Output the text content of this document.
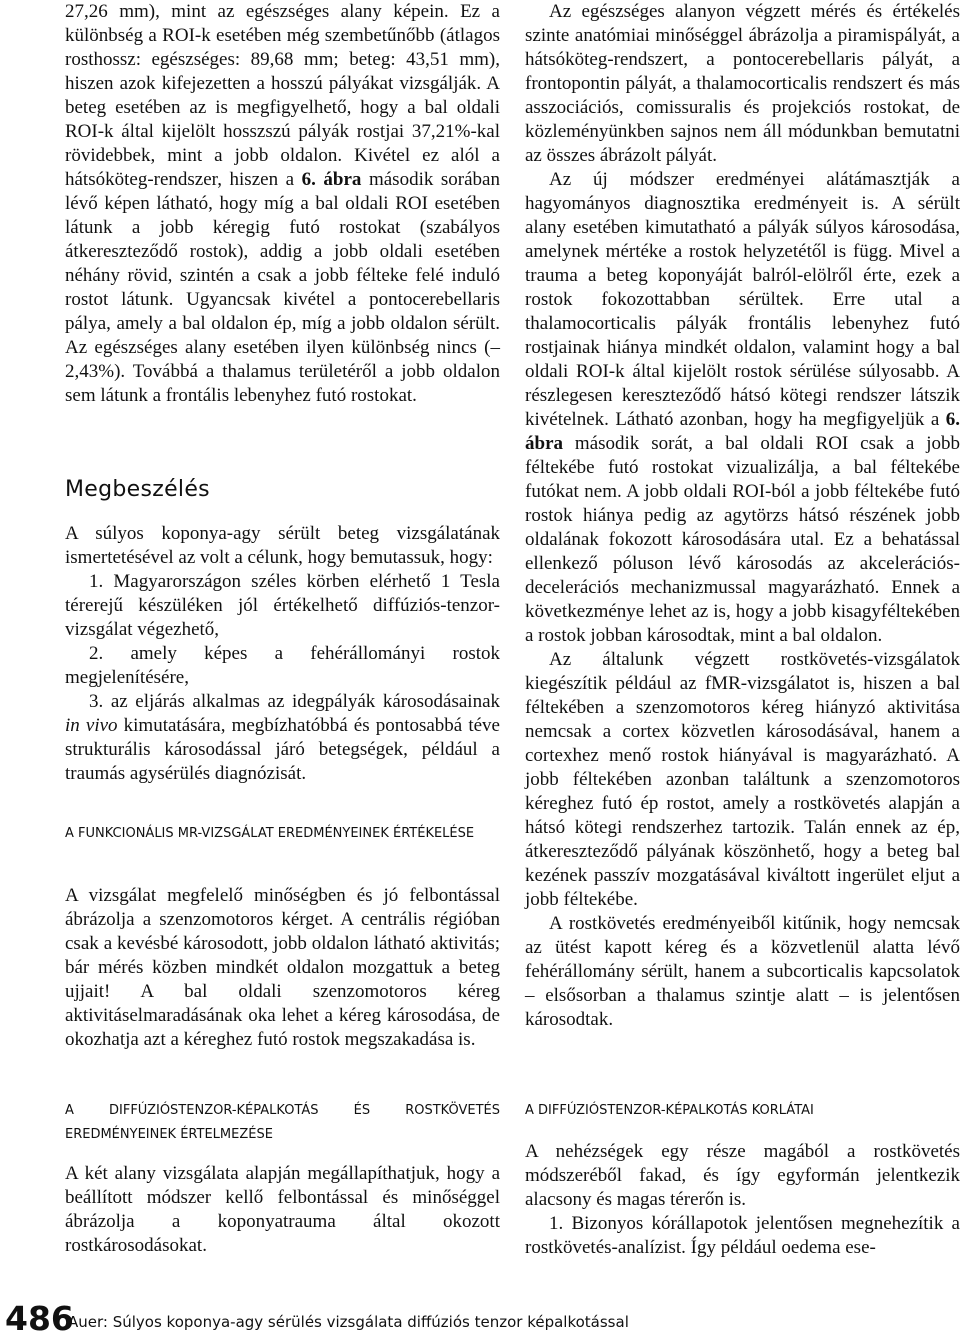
27,26 mm), mint az egészséges alany képein. Ez a különbség a ROI-k esetében még szembetűnőbb (átlagos rosthossz: egészséges: 89,68 mm; beteg: 43,51 mm), hiszen azok kifejezetten a hosszú pályákat vizsgálják. A beteg esetében az is megfigyelhető, hogy a bal oldali ROI-k által kijelölt hosszszú pályák rostjai 37,21%-kal rövidebbek, mint a jobb oldalon. Kivétel ez alól a hátsóköteg-rendszer, hiszen a 6. ábra második sorában lévő képen látható, hogy míg a bal oldali ROI esetében látunk a jobb kéregig futó rostokat (szabályos átkereszteződő rostok), addig a jobb oldali esetében néhány rövid, szintén a csak a jobb félteke felé induló rostot látunk. Ugyancsak kivétel a pontocerebellaris pálya, amely a bal oldalon ép, míg a jobb oldalon sérült. Az egészséges alany esetében ilyen különbség nincs (‒2,43%). Továbbá a thalamus területéről a jobb oldalon sem látunk a frontális lebenyhez futó rostokat.

Megbeszélés

A súlyos koponya-agy sérült beteg vizsgálatának ismertetésével az volt a célunk, hogy bemutassuk, hogy:

1. Magyarországon széles körben elérhető 1 Tesla térerejű készüléken jól értékelhető diffúziós-tenzor-vizsgálat végezhető,

2. amely képes a fehérállományi rostok megjelenítésére,

3. az eljárás alkalmas az idegpályák károsodásainak in vivo kimutatására, megbízhatóbbá és pontosabbá téve strukturális károsodással járó betegségek, például a traumás agysérülés diagnózisát.

A FUNKCIONÁLIS MR-VIZSGÁLAT EREDMÉNYEINEK ÉRTÉKELÉSE

A vizsgálat megfelelő minőségben és jó felbontással ábrázolja a szenzomotoros kérget. A centrális régióban csak a kevésbé károsodott, jobb oldalon látható aktivitás; bár mérés közben mindkét oldalon mozgattuk a beteg ujjait! A bal oldali szenzomotoros kéreg aktivitáselmaradásának oka lehet a kéreg károsodása, de okozhatja azt a kéreghez futó rostok megszakadása is.

A DIFFÚZIÓSTENZOR-KÉPALKOTÁS ÉS ROSTKÖVETÉS EREDMÉNYEINEK ÉRTELMEZÉSE

A két alany vizsgálata alapján megállapíthatjuk, hogy a beállított módszer kellő felbontással és minőséggel ábrázolja a koponyatrauma által okozott rostkárosodásokat.

Az egészséges alanyon végzett mérés és értékelés szinte anatómiai minőséggel ábrázolja a piramispályát, a hátsóköteg-rendszert, a pontocerebellaris pályát, a frontopontin pályát, a thalamocorticalis rendszert és más asszociációs, comissuralis és projekciós rostokat, de közleményünkben sajnos nem áll módunkban bemutatni az összes ábrázolt pályát.

Az új módszer eredményei alátámasztják a hagyományos diagnosztika eredményeit is. A sérült alany esetében kimutatható a pályák súlyos károsodása, amelynek mértéke a rostok helyzetétől is függ. Mivel a trauma a beteg koponyáját balról-elölről érte, ezek a rostok fokozottabban sérültek. Erre utal a thalamocorticalis pályák frontális lebenyhez futó rostjainak hiánya mindkét oldalon, valamint hogy a bal oldali ROI-k által kijelölt rostok sérülése súlyosabb. A részlegesen kereszteződő hátsó kötegi rendszer látszik kivételnek. Látható azonban, hogy ha megfigyeljük a 6. ábra második sorát, a bal oldali ROI csak a jobb féltekébe futó rostokat vizualizálja, a bal féltekébe futókat nem. A jobb oldali ROI-ból a jobb féltekébe futó rostok hiánya pedig az agytörzs hátsó részének jobb oldalának fokozott károsodására utal. Ez a behatással ellenkező póluson lévő károsodás az akcelerációs-decelerációs mechanizmussal magyarázható. Ennek a következménye lehet az is, hogy a jobb kisagyféltekében a rostok jobban károsodtak, mint a bal oldalon.

Az általunk végzett rostkövetés-vizsgálatok kiegészítik például az fMR-vizsgálatot is, hiszen a bal féltekében a szenzomotoros kéreg hiányzó aktivitása nemcsak a cortex közvetlen károsodásával, hanem a cortexhez menő rostok hiányával is magyarázható. A jobb féltekében azonban találtunk a szenzomotoros kéreghez futó ép rostot, amely a rostkövetés alapján a hátsó kötegi rendszerhez tartozik. Talán ennek az ép, átkereszteződő pályának köszönhető, hogy a beteg bal kezének passzív mozgatásával kiváltott ingerület eljut a jobb féltekébe.

A rostkövetés eredményeiből kitűnik, hogy nemcsak az ütést kapott kéreg és a közvetlenül alatta lévő fehérállomány sérült, hanem a subcorticalis kapcsolatok ‒ elsősorban a thalamus szintje alatt ‒ is jelentősen károsodtak.

A DIFFÚZIÓSTENZOR-KÉPALKOTÁS KORLÁTAI

A nehézségek egy része magából a rostkövetés módszeréből fakad, és így egyformán jelentkezik alacsony és magas térerőn is.

1. Bizonyos kórállapotok jelentősen megnehezítik a rostkövetés-analízist. Így például oedema ese-

486
Auer: Súlyos koponya-agy sérülés vizsgálata diffúziós tenzor képalkotással
